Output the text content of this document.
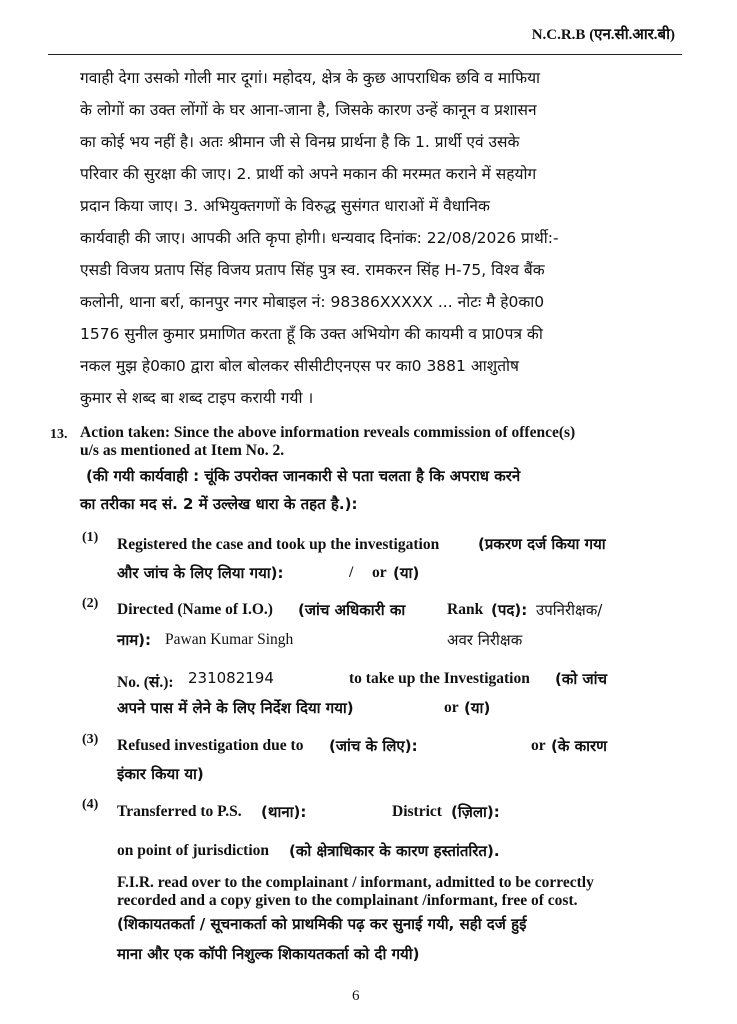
N.C.R.B (एन.सी.आर.बी)
गवाही देगा उसको गोली मार दूगां। महोदय, क्षेत्र के कुछ आपराधिक छवि व माफिया
के लोगों का उक्त लोंगों के घर आना-जाना है, जिसके कारण उन्हें कानून व प्रशासन
का कोई भय नहीं है। अतः श्रीमान जी से विनम्र प्रार्थना है कि 1. प्रार्थी एवं उसके
परिवार की सुरक्षा की जाए। 2. प्रार्थी को अपने मकान की मरम्मत कराने में सहयोग
प्रदान किया जाए। 3. अभियुक्तगणों के विरुद्ध सुसंगत धाराओं में वैधानिक
कार्यवाही की जाए। आपकी अति कृपा होगी। धन्यवाद दिनांक: 22/08/2026 प्रार्थी:-
एसडी विजय प्रताप सिंह विजय प्रताप सिंह पुत्र स्व. रामकरन सिंह H-75, विश्व बैंक
कलोनी, थाना बर्रा, कानपुर नगर मोबाइल नं: 98386XXXXX ... नोटः मै हे0का0
1576 सुनील कुमार प्रमाणित करता हूँ कि उक्त अभियोग की कायमी व प्रा0पत्र की
नकल मुझ हे0का0 द्वारा बोल बोलकर सीसीटीएनएस पर का0 3881 आशुतोष
कुमार से शब्द बा शब्द टाइप करायी गयी ।
13. Action taken: Since the above information reveals commission of offence(s)
u/s as mentioned at Item No. 2.
(की गयी कार्यवाही : चूंकि उपरोक्त जानकारी से पता चलता है कि अपराध करने
का तरीका मद सं. 2 में उल्लेख धारा के तहत है.):
(1) Registered the case and took up the investigation	(प्रकरण दर्ज किया गया
और जांच के लिए लिया गया):	/ or (या)
(2) Directed (Name of I.O.) (जांच अधिकारी का	Rank (पद): उपनिरीक्षक/
नाम): Pawan Kumar Singh	अवर निरीक्षक
No. (सं.): 231082194	to take up the Investigation (को जांच
अपने पास में लेने के लिए निर्देश दिया गया)	or (या)
(3) Refused investigation due to (जांच के लिए):	or (के कारण
इंकार किया या)
(4) Transferred to P.S. (थाना):	District (ज़िला):
on point of jurisdiction (को क्षेत्राधिकार के कारण हस्तांतरित).
F.I.R. read over to the complainant / informant, admitted to be correctly
recorded and a copy given to the complainant /informant, free of cost.
(शिकायतकर्ता / सूचनाकर्ता को प्राथमिकी पढ़ कर सुनाई गयी, सही दर्ज हुई
माना और एक कॉपी निशुल्क शिकायतकर्ता को दी गयी)
6
